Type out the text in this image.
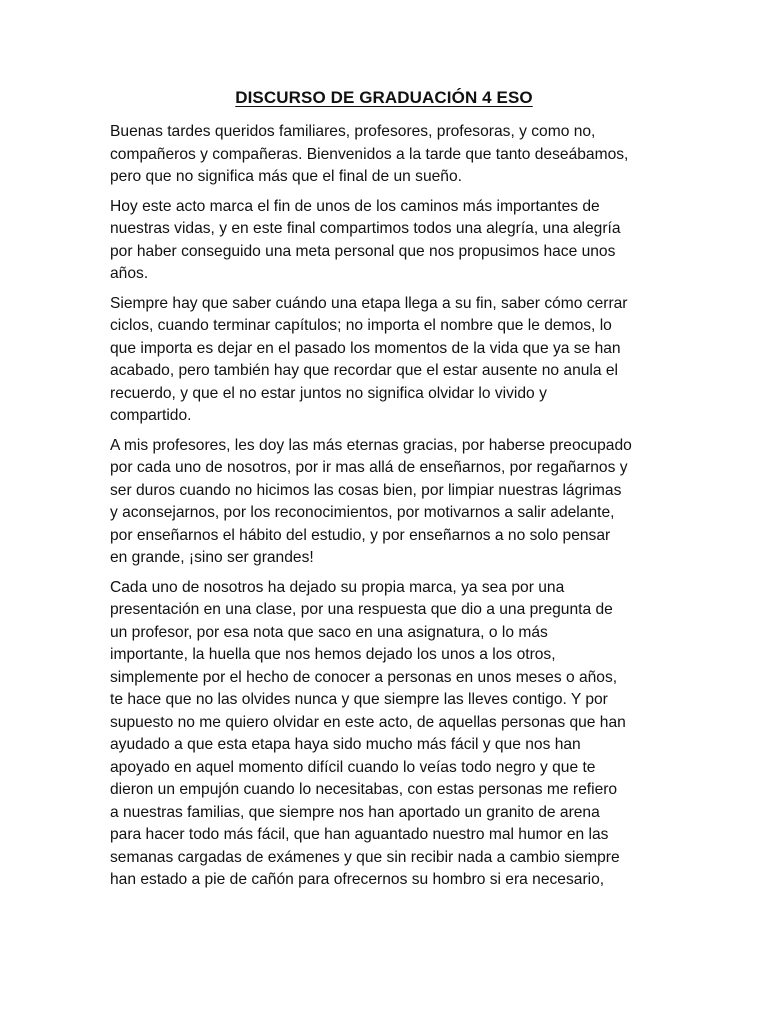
DISCURSO DE GRADUACIÓN 4 ESO

Buenas tardes queridos familiares, profesores, profesoras, y como no,
compañeros y compañeras. Bienvenidos a la tarde que tanto deseábamos,
pero que no significa más que el final de un sueño.

Hoy este acto marca el fin de unos de los caminos más importantes de
nuestras vidas, y en este final compartimos todos una alegría, una alegría
por haber conseguido una meta personal que nos propusimos hace unos
años.

Siempre hay que saber cuándo una etapa llega a su fin, saber cómo cerrar
ciclos, cuando terminar capítulos; no importa el nombre que le demos, lo
que importa es dejar en el pasado los momentos de la vida que ya se han
acabado, pero también hay que recordar que el estar ausente no anula el
recuerdo, y que el no estar juntos no significa olvidar lo vivido y
compartido.

A mis profesores, les doy las más eternas gracias, por haberse preocupado
por cada uno de nosotros, por ir mas allá de enseñarnos, por regañarnos y
ser duros cuando no hicimos las cosas bien, por limpiar nuestras lágrimas
y aconsejarnos, por los reconocimientos, por motivarnos a salir adelante,
por enseñarnos el hábito del estudio, y por enseñarnos a no solo pensar
en grande, ¡sino ser grandes!

Cada uno de nosotros ha dejado su propia marca, ya sea por una
presentación en una clase, por una respuesta que dio a una pregunta de
un profesor, por esa nota que saco en una asignatura, o lo más
importante, la huella que nos hemos dejado los unos a los otros,
simplemente por el hecho de conocer a personas en unos meses o años,
te hace que no las olvides nunca y que siempre las lleves contigo. Y por
supuesto no me quiero olvidar en este acto, de aquellas personas que han
ayudado a que esta etapa haya sido mucho más fácil y que nos han
apoyado en aquel momento difícil cuando lo veías todo negro y que te
dieron un empujón cuando lo necesitabas, con estas personas me refiero
a nuestras familias, que siempre nos han aportado un granito de arena
para hacer todo más fácil, que han aguantado nuestro mal humor en las
semanas cargadas de exámenes y que sin recibir nada a cambio siempre
han estado a pie de cañón para ofrecernos su hombro si era necesario,
